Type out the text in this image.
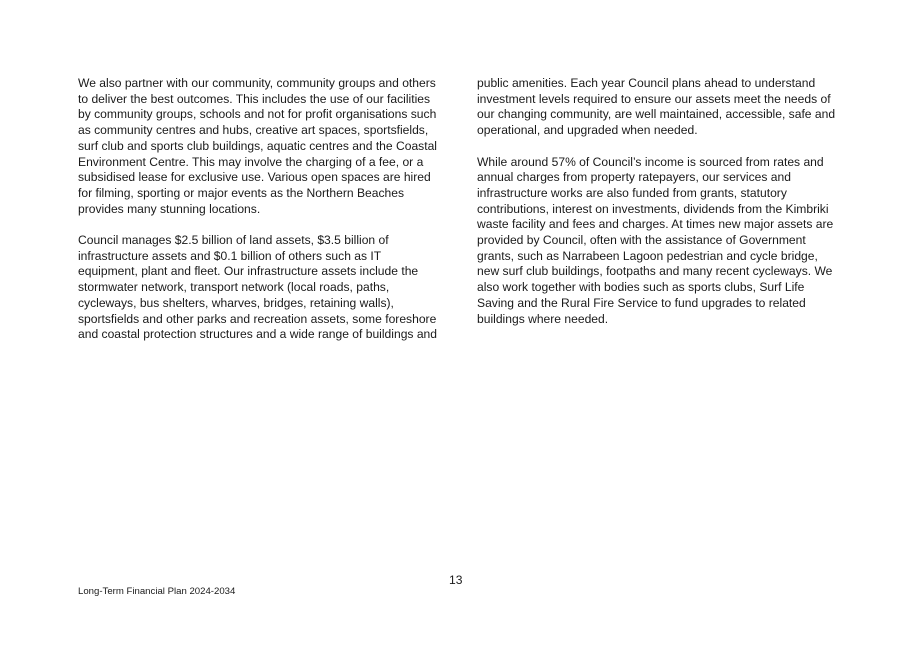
We also partner with our community, community groups and others
to deliver the best outcomes. This includes the use of our facilities
by community groups, schools and not for profit organisations such
as community centres and hubs, creative art spaces, sportsfields,
surf club and sports club buildings, aquatic centres and the Coastal
Environment Centre. This may involve the charging of a fee, or a
subsidised lease for exclusive use. Various open spaces are hired
for filming, sporting or major events as the Northern Beaches
provides many stunning locations.

Council manages $2.5 billion of land assets, $3.5 billion of
infrastructure assets and $0.1 billion of others such as IT
equipment, plant and fleet. Our infrastructure assets include the
stormwater network, transport network (local roads, paths,
cycleways, bus shelters, wharves, bridges, retaining walls),
sportsfields and other parks and recreation assets, some foreshore
and coastal protection structures and a wide range of buildings and

public amenities. Each year Council plans ahead to understand
investment levels required to ensure our assets meet the needs of
our changing community, are well maintained, accessible, safe and
operational, and upgraded when needed.

While around 57% of Council’s income is sourced from rates and
annual charges from property ratepayers, our services and
infrastructure works are also funded from grants, statutory
contributions, interest on investments, dividends from the Kimbriki
waste facility and fees and charges. At times new major assets are
provided by Council, often with the assistance of Government
grants, such as Narrabeen Lagoon pedestrian and cycle bridge,
new surf club buildings, footpaths and many recent cycleways. We
also work together with bodies such as sports clubs, Surf Life
Saving and the Rural Fire Service to fund upgrades to related
buildings where needed.

13
Long-Term Financial Plan 2024-2034
